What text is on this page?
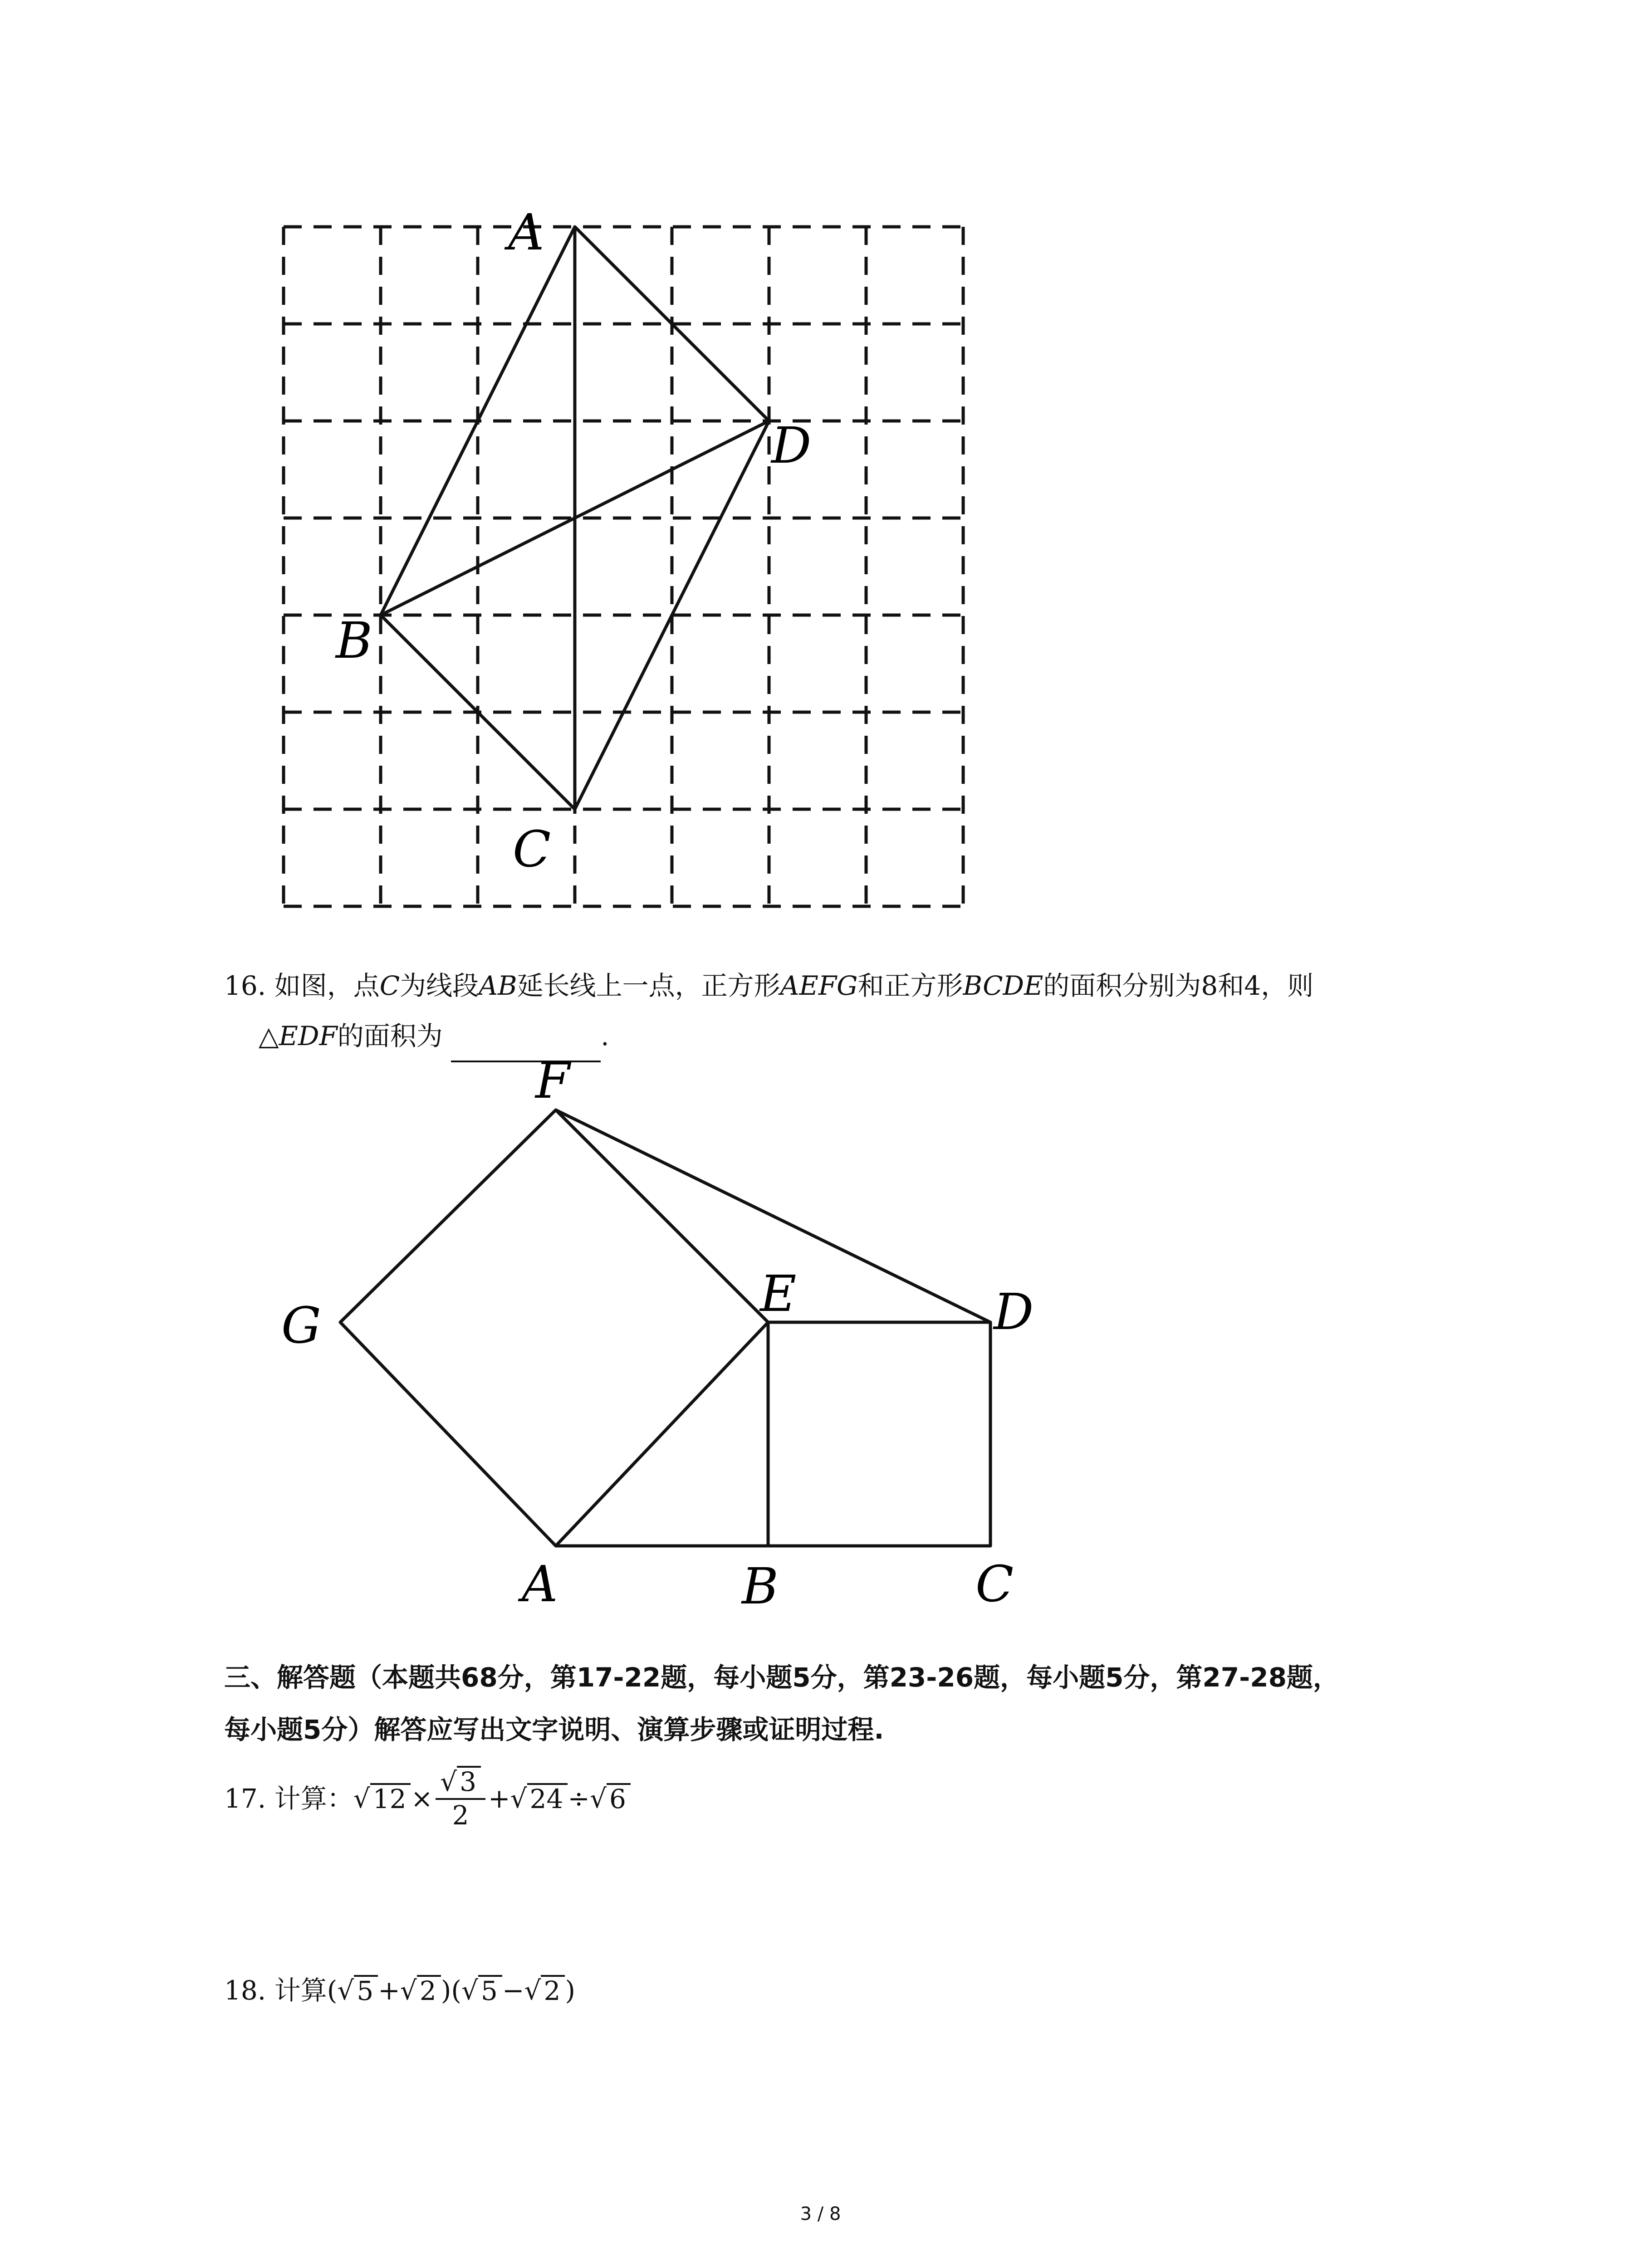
A
B
C
D
16. 如图，点C为线段AB延长线上一点，正方形AEFG和正方形BCDE的面积分别为8和4，则
△EDF的面积为	.
F
G
E	D
A	B	C
三、解答题（本题共68分，第17-22题，每小题5分，第23-26题，每小题5分，第27-28题，
每小题5分）解答应写出文字说明、演算步骤或证明过程.
17.
计算： √ $12 \times \frac{√ 3}{2}$ + √ 24 ÷ √ 6
18.
计算 ( √ 5 + √ 2 ) ( √ 5 − √ 2 )
3 / 8
